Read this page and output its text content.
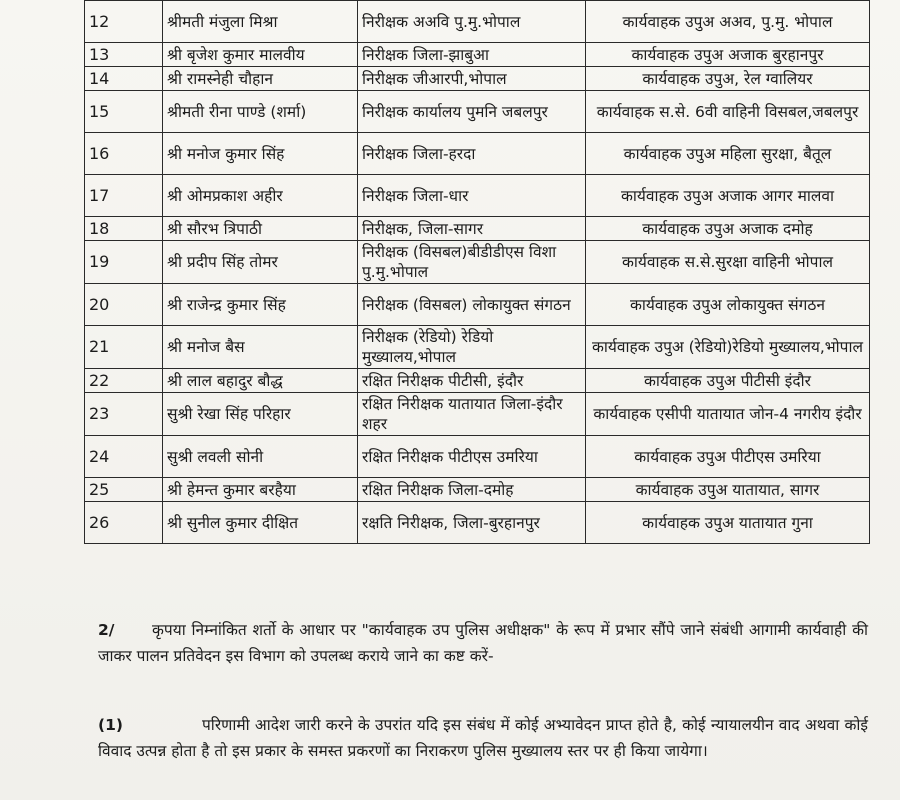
12	श्रीमती मंजुला मिश्रा	निरीक्षक अअवि पु.मु.भोपाल	कार्यवाहक उपुअ अअव, पु.मु. भोपाल
13	श्री बृजेश कुमार मालवीय	निरीक्षक जिला-झाबुआ	कार्यवाहक उपुअ अजाक बुरहानपुर
14	श्री रामस्नेही चौहान	निरीक्षक जीआरपी,भोपाल	कार्यवाहक उपुअ, रेल ग्वालियर
15	श्रीमती रीना पाण्डे (शर्मा)	निरीक्षक कार्यालय पुमनि जबलपुर	कार्यवाहक स.से. 6वी वाहिनी विसबल,जबलपुर
16	श्री मनोज कुमार सिंह	निरीक्षक जिला-हरदा	कार्यवाहक उपुअ महिला सुरक्षा, बैतूल
17	श्री ओमप्रकाश अहीर	निरीक्षक जिला-धार	कार्यवाहक उपुअ अजाक आगर मालवा
18	श्री सौरभ त्रिपाठी	निरीक्षक, जिला-सागर	कार्यवाहक उपुअ अजाक दमोह
19	श्री प्रदीप सिंह तोमर	निरीक्षक (विसबल)बीडीडीएस विशा पु.मु.भोपाल	कार्यवाहक स.से.सुरक्षा वाहिनी भोपाल
20	श्री राजेन्द्र कुमार सिंह	निरीक्षक (विसबल) लोकायुक्त संगठन	कार्यवाहक उपुअ लोकायुक्त संगठन
21	श्री मनोज बैस	निरीक्षक (रेडियो) रेडियो मुख्यालय,भोपाल	कार्यवाहक उपुअ (रेडियो)रेडियो मुख्यालय,भोपाल
22	श्री लाल बहादुर बौद्ध	रक्षित निरीक्षक पीटीसी, इंदौर	कार्यवाहक उपुअ पीटीसी इंदौर
23	सुश्री रेखा सिंह परिहार	रक्षित निरीक्षक यातायात जिला-इंदौर शहर	कार्यवाहक एसीपी यातायात जोन-4 नगरीय इंदौर
24	सुश्री लवली सोनी	रक्षित निरीक्षक पीटीएस उमरिया	कार्यवाहक उपुअ पीटीएस उमरिया
25	श्री हेमन्त कुमार बरहैया	रक्षित निरीक्षक जिला-दमोह	कार्यवाहक उपुअ यातायात, सागर
26	श्री सुनील कुमार दीक्षित	रक्षति निरीक्षक, जिला-बुरहानपुर	कार्यवाहक उपुअ यातायात गुना
2/ कृपया निम्नांकित शर्तो के आधार पर "कार्यवाहक उप पुलिस अधीक्षक" के रूप में प्रभार सौंपे जाने संबंधी आगामी कार्यवाही की जाकर पालन प्रतिवेदन इस विभाग को उपलब्ध कराये जाने का कष्ट करें-
(1)	परिणामी आदेश जारी करने के उपरांत यदि इस संबंध में कोई अभ्यावेदन प्राप्त होते है, कोई न्यायालयीन वाद अथवा कोई विवाद उत्पन्न होता है तो इस प्रकार के समस्त प्रकरणों का निराकरण पुलिस मुख्यालय स्तर पर ही किया जायेगा।
